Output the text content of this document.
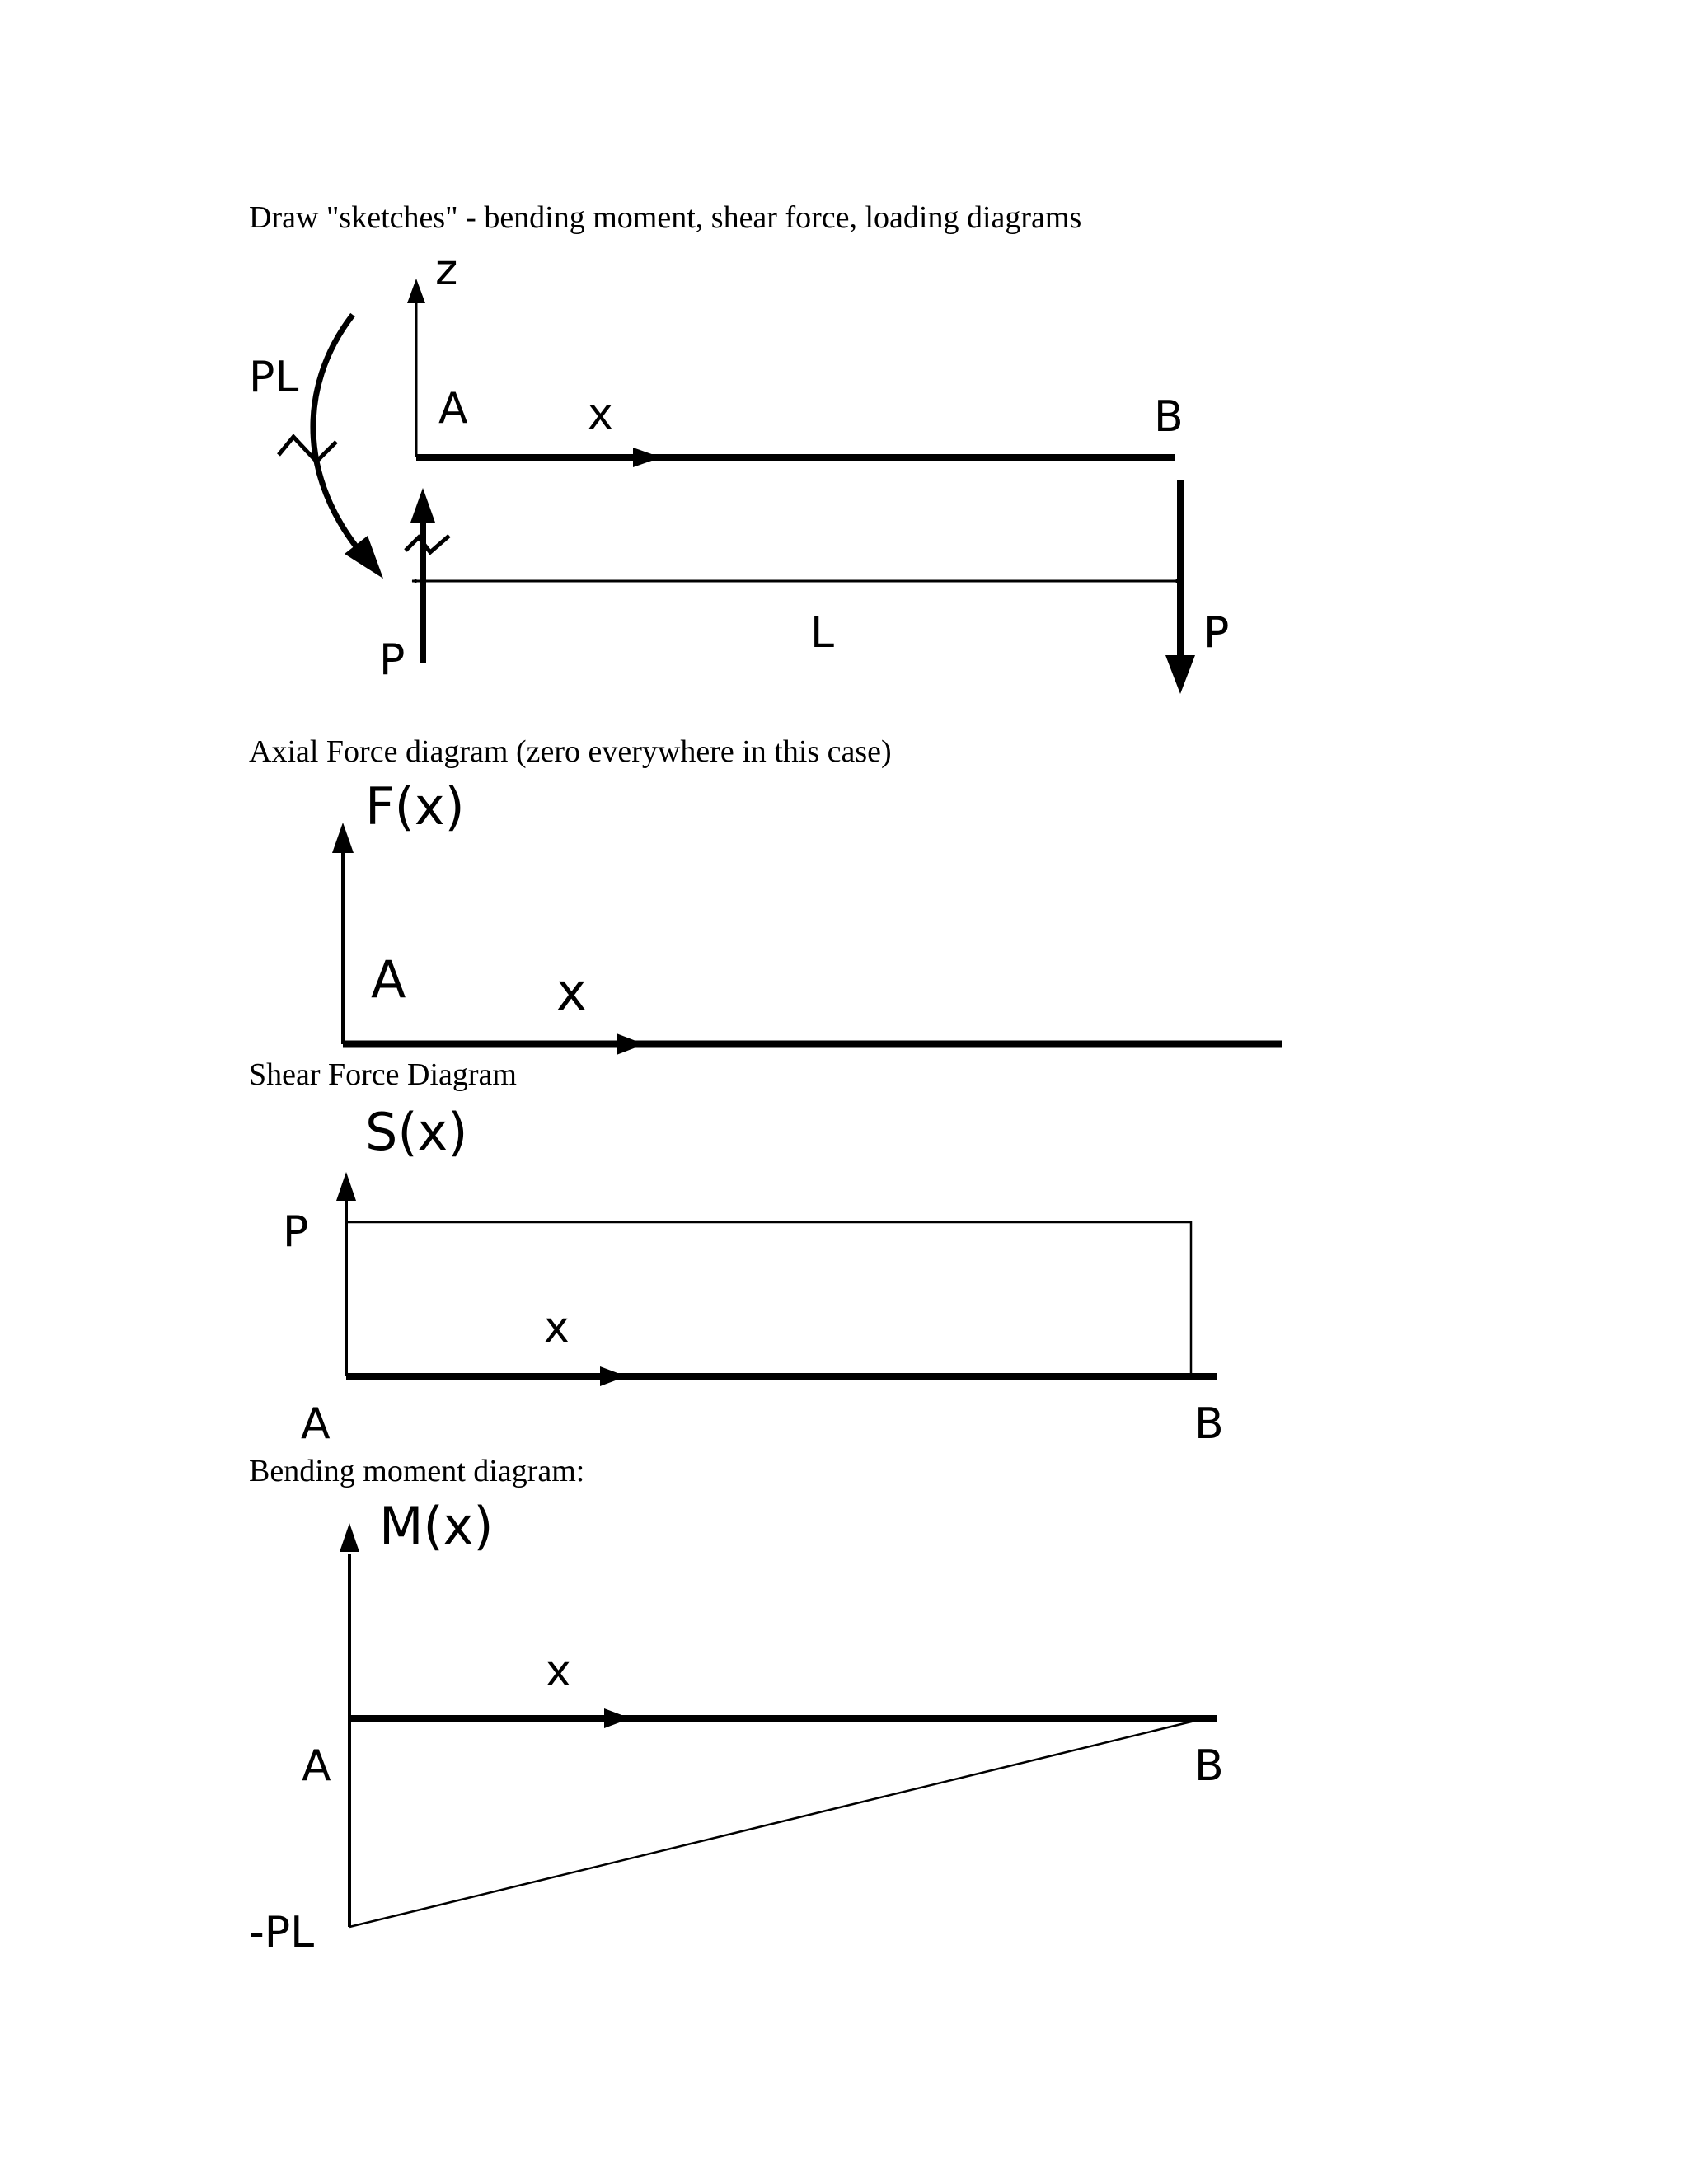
Draw "sketches" - bending moment, shear force, loading diagrams

Axial Force diagram (zero everywhere in this case)

Shear Force Diagram

Bending moment diagram:

z
A	x	B
PL
P
L	P
F(x)
A	x
S(x)
P
x
A	B
M(x)
x
A	B
-PL
